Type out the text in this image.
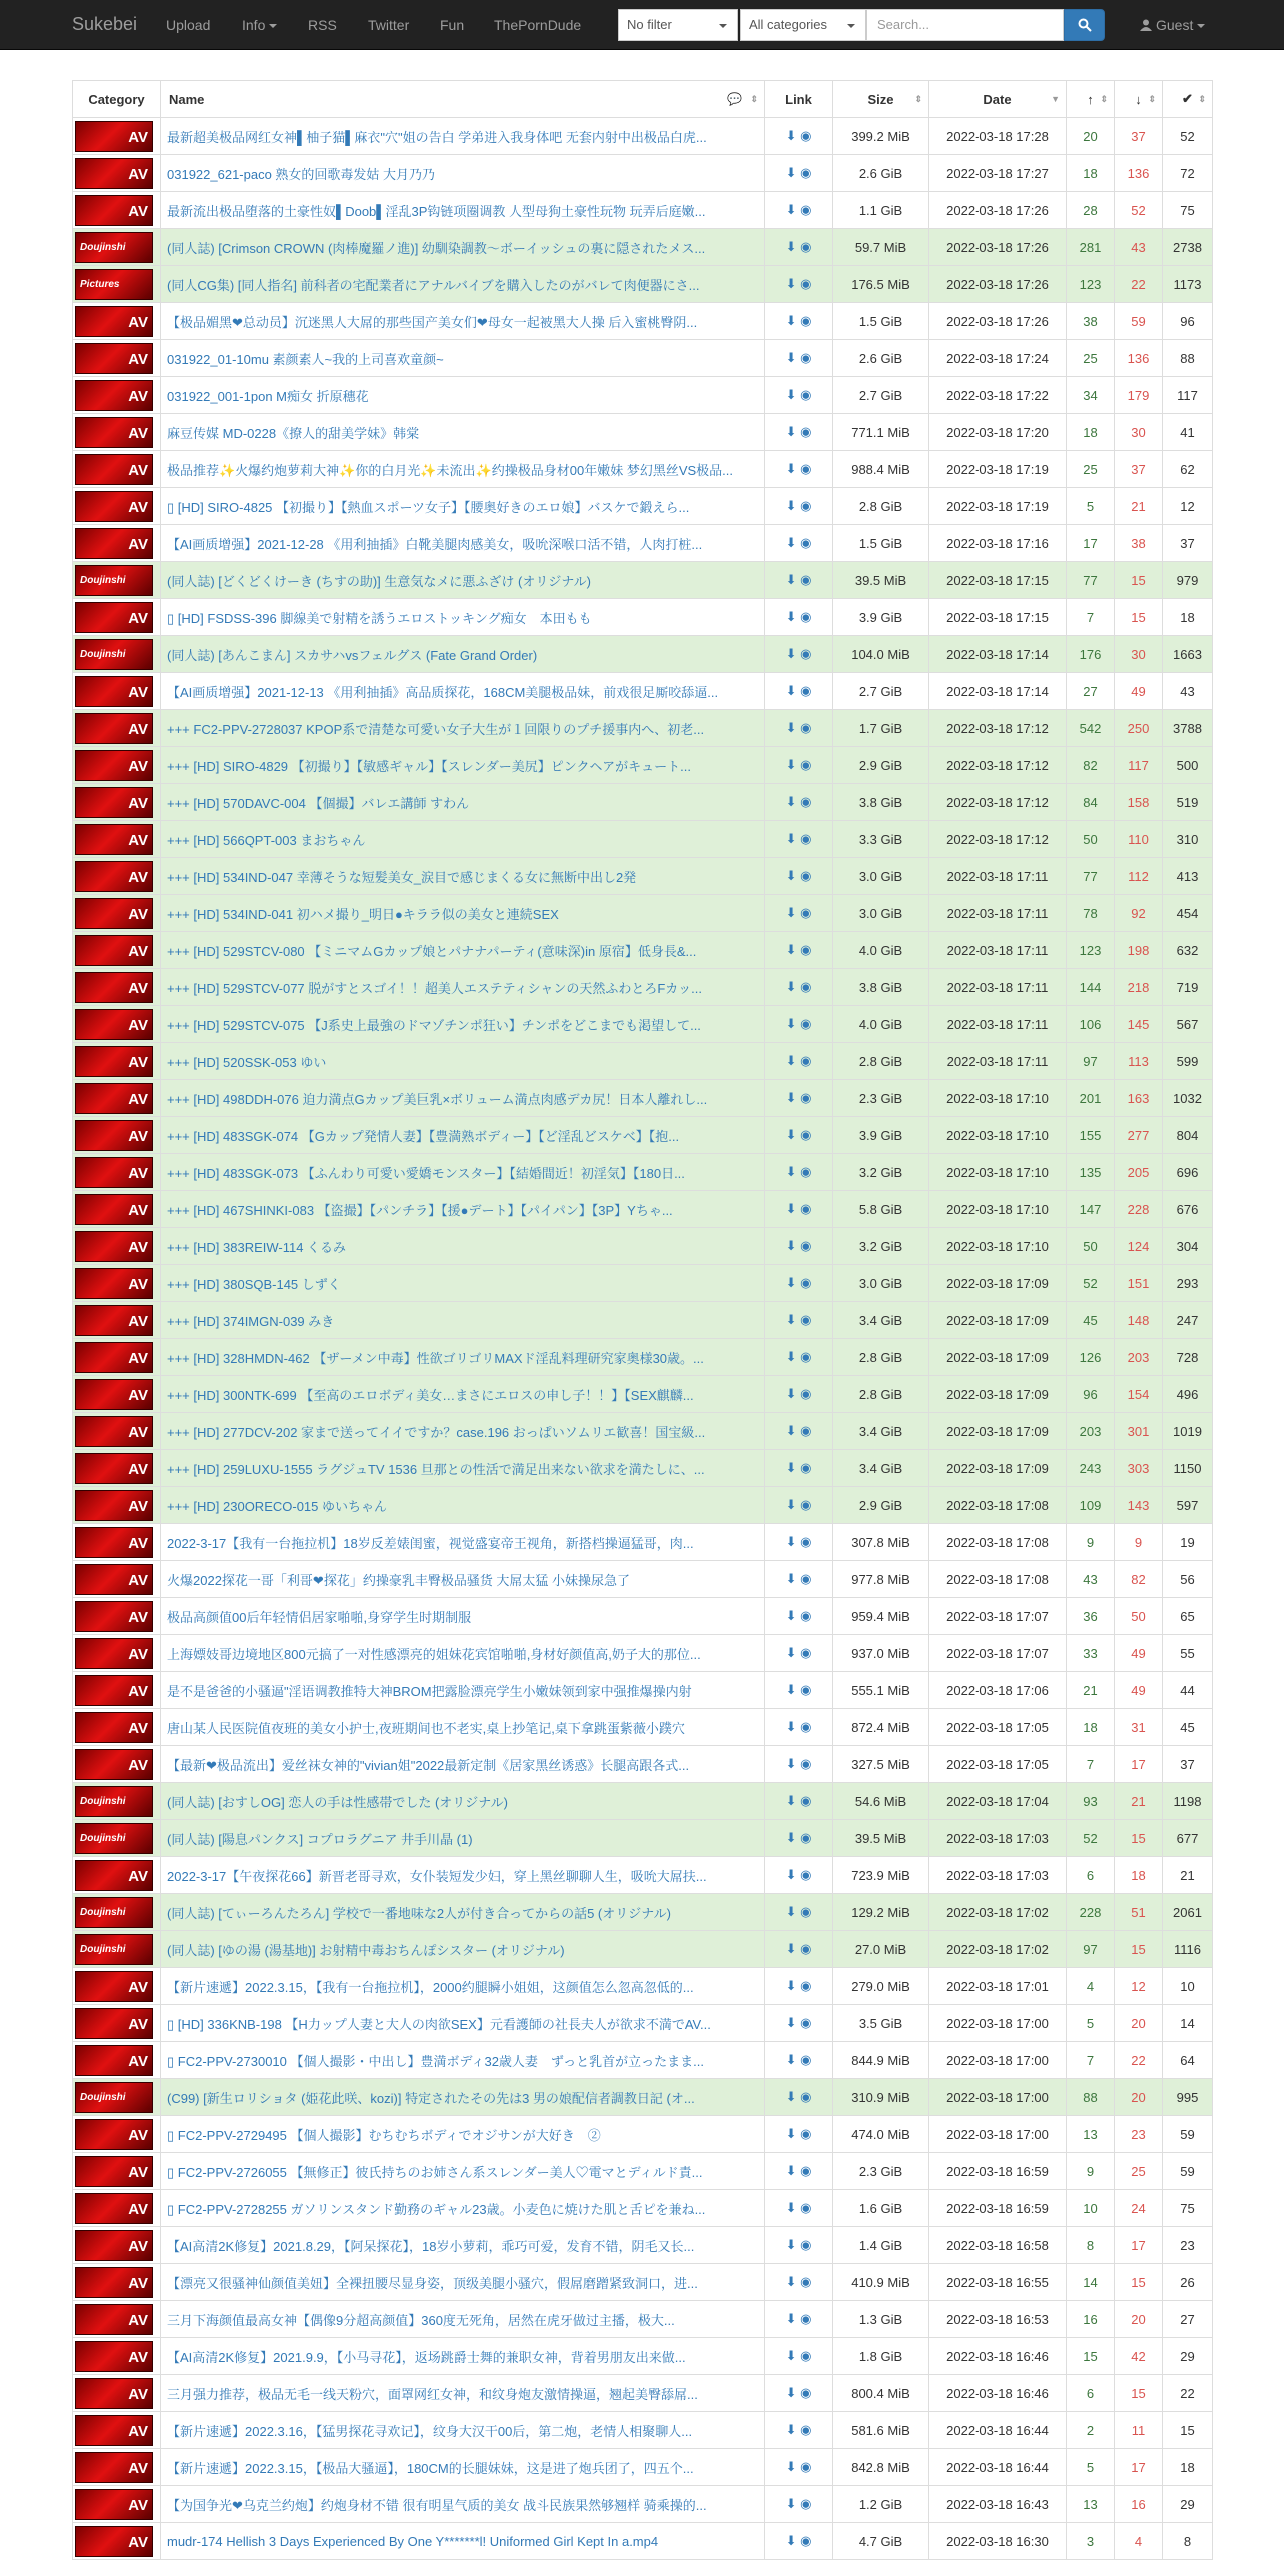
Sukebei Upload Info	RSS Twitter Fun ThePornDude	No filter	All categories	Search...	Guest
Category	Name 💬 ⇕	Link	Size ⇕	Date ▼	↑ ⇕	↓ ⇕	✔ ⇕

AV	最新超美极品网红女神▌柚子猫▌麻衣"穴"姐の告白 学弟进入我身体吧 无套内射中出极品白虎...	⬇ ◉	399.2 MiB	2022-03-18 17:28	20	37	52

AV	031922_621-paco 熟女的回歌毒发姑 大月乃乃	⬇ ◉	2.6 GiB	2022-03-18 17:27	18	136	72

AV	最新流出极品堕落的土豪性奴▌Doob▌淫乱3P钩链项圈调教 人型母狗土豪性玩物 玩弄后庭嫩...	⬇ ◉	1.1 GiB	2022-03-18 17:26	28	52	75

Doujinshi	(同人誌) [Crimson CROWN (肉棒魔羅ノ進)] 幼馴染調教～ボーイッシュの裏に隠されたメス...	⬇ ◉	59.7 MiB	2022-03-18 17:26	281	43	2738

Pictures	(同人CG集) [同人指名] 前科者の宅配業者にアナルバイブを購入したのがバレて肉便器にさ...	⬇ ◉	176.5 MiB	2022-03-18 17:26	123	22	1173

AV	【极品媚黑❤总动员】沉迷黑人大屌的那些国产美女们❤母女一起被黑大人操 后入蜜桃臀阴...	⬇ ◉	1.5 GiB	2022-03-18 17:26	38	59	96

AV	031922_01-10mu 素颜素人~我的上司喜欢童颜~	⬇ ◉	2.6 GiB	2022-03-18 17:24	25	136	88

AV	031922_001-1pon M痴女 折原穗花	⬇ ◉	2.7 GiB	2022-03-18 17:22	34	179	117

AV	麻豆传媒 MD-0228《撩人的甜美学妹》韩棠	⬇ ◉	771.1 MiB	2022-03-18 17:20	18	30	41

AV	极品推荐✨火爆约炮萝莉大神✨你的白月光✨未流出✨约操极品身材00年嫩妹 梦幻黑丝VS极品...	⬇ ◉	988.4 MiB	2022-03-18 17:19	25	37	62

AV	▯ [HD] SIRO-4825 【初撮り】【熱血スポーツ女子】【腰奥好きのエロ娘】バスケで鍛えら...	⬇ ◉	2.8 GiB	2022-03-18 17:19	5	21	12

AV	【AI画质增强】2021-12-28 《用利抽插》白靴美腿肉感美女，吸吮深喉口活不错，人肉打桩...	⬇ ◉	1.5 GiB	2022-03-18 17:16	17	38	37

Doujinshi	(同人誌) [どくどくけーき (ちすの助)] 生意気なメに悪ふざけ (オリジナル)	⬇ ◉	39.5 MiB	2022-03-18 17:15	77	15	979

AV	▯ [HD] FSDSS-396 脚線美で射精を誘うエロストッキング痴女　本田もも	⬇ ◉	3.9 GiB	2022-03-18 17:15	7	15	18

Doujinshi	(同人誌) [あんこまん] スカサハvsフェルグス (Fate Grand Order)	⬇ ◉	104.0 MiB	2022-03-18 17:14	176	30	1663

AV	【AI画质增强】2021-12-13 《用利抽插》高品质探花，168CM美腿极品妹，前戏很足厮咬舔逼...	⬇ ◉	2.7 GiB	2022-03-18 17:14	27	49	43

AV	+++ FC2-PPV-2728037 KPOP系で清楚な可愛い女子大生が１回限りのプチ援事内へ、初老...	⬇ ◉	1.7 GiB	2022-03-18 17:12	542	250	3788

AV	+++ [HD] SIRO-4829 【初撮り】【敏感ギャル】【スレンダー美尻】ピンクヘアがキュート...	⬇ ◉	2.9 GiB	2022-03-18 17:12	82	117	500

AV	+++ [HD] 570DAVC-004 【個撮】バレエ講師 すわん	⬇ ◉	3.8 GiB	2022-03-18 17:12	84	158	519

AV	+++ [HD] 566QPT-003 まおちゃん	⬇ ◉	3.3 GiB	2022-03-18 17:12	50	110	310

AV	+++ [HD] 534IND-047 幸薄そうな短髪美女_涙目で感じまくる女に無断中出し2発	⬇ ◉	3.0 GiB	2022-03-18 17:11	77	112	413

AV	+++ [HD] 534IND-041 初ハメ撮り_明日●キララ似の美女と連続SEX	⬇ ◉	3.0 GiB	2022-03-18 17:11	78	92	454

AV	+++ [HD] 529STCV-080 【ミニマムGカップ娘とパナナパーティ(意味深)in 原宿】低身長&...	⬇ ◉	4.0 GiB	2022-03-18 17:11	123	198	632

AV	+++ [HD] 529STCV-077 脱がすとスゴイ！！超美人エステティシャンの天然ふわとろFカッ...	⬇ ◉	3.8 GiB	2022-03-18 17:11	144	218	719

AV	+++ [HD] 529STCV-075 【J系史上最強のドマゾチンポ狂い】チンポをどこまでも渇望して...	⬇ ◉	4.0 GiB	2022-03-18 17:11	106	145	567

AV	+++ [HD] 520SSK-053 ゆい	⬇ ◉	2.8 GiB	2022-03-18 17:11	97	113	599

AV	+++ [HD] 498DDH-076 迫力満点Gカップ美巨乳×ボリューム満点肉感デカ尻！日本人離れし...	⬇ ◉	2.3 GiB	2022-03-18 17:10	201	163	1032

AV	+++ [HD] 483SGK-074 【Gカップ発情人妻】【豊満熟ボディー】【ど淫乱どスケベ】【抱...	⬇ ◉	3.9 GiB	2022-03-18 17:10	155	277	804

AV	+++ [HD] 483SGK-073 【ふんわり可愛い愛嬌モンスター】【結婚間近！初淫気】【180日...	⬇ ◉	3.2 GiB	2022-03-18 17:10	135	205	696

AV	+++ [HD] 467SHINKI-083 【盗撮】【パンチラ】【援●デート】【パイパン】【3P】Yちゃ...	⬇ ◉	5.8 GiB	2022-03-18 17:10	147	228	676

AV	+++ [HD] 383REIW-114 くるみ	⬇ ◉	3.2 GiB	2022-03-18 17:10	50	124	304

AV	+++ [HD] 380SQB-145 しずく	⬇ ◉	3.0 GiB	2022-03-18 17:09	52	151	293

AV	+++ [HD] 374IMGN-039 みき	⬇ ◉	3.4 GiB	2022-03-18 17:09	45	148	247

AV	+++ [HD] 328HMDN-462 【ザーメン中毒】性欲ゴリゴリMAXド淫乱料理研究家奥様30歳。...	⬇ ◉	2.8 GiB	2022-03-18 17:09	126	203	728

AV	+++ [HD] 300NTK-699 【至高のエロボディ美女…まさにエロスの申し子！！】【SEX麒麟...	⬇ ◉	2.8 GiB	2022-03-18 17:09	96	154	496

AV	+++ [HD] 277DCV-202 家まで送ってイイですか？case.196 おっぱいソムリエ歓喜！国宝級...	⬇ ◉	3.4 GiB	2022-03-18 17:09	203	301	1019

AV	+++ [HD] 259LUXU-1555 ラグジュTV 1536 旦那との性活で満足出来ない欲求を満たしに、...	⬇ ◉	3.4 GiB	2022-03-18 17:09	243	303	1150

AV	+++ [HD] 230ORECO-015 ゆいちゃん	⬇ ◉	2.9 GiB	2022-03-18 17:08	109	143	597

AV	2022-3-17【我有一台拖拉机】18岁反差婊闺蜜，视觉盛宴帝王视角，新搭档操逼猛哥，肉...	⬇ ◉	307.8 MiB	2022-03-18 17:08	9	9	19

AV	火爆2022探花一哥「利哥❤探花」约操豪乳丰臀极品骚货 大屌太猛 小妹操尿急了	⬇ ◉	977.8 MiB	2022-03-18 17:08	43	82	56

AV	极品高颜值00后年轻情侣居家啪啪,身穿学生时期制服	⬇ ◉	959.4 MiB	2022-03-18 17:07	36	50	65

AV	上海嫖妓哥边境地区800元搞了一对性感漂亮的姐妹花宾馆啪啪,身材好颜值高,奶子大的那位...	⬇ ◉	937.0 MiB	2022-03-18 17:07	33	49	55

AV	是不是爸爸的小骚逼"淫语调教推特大神BROM把露脸漂亮学生小嫩妹领到家中强推爆操内射	⬇ ◉	555.1 MiB	2022-03-18 17:06	21	49	44

AV	唐山某人民医院值夜班的美女小护士,夜班期间也不老实,桌上抄笔记,桌下拿跳蛋紫薇小蹼穴	⬇ ◉	872.4 MiB	2022-03-18 17:05	18	31	45

AV	【最新❤极品流出】爱丝袜女神的"vivian姐"2022最新定制《居家黑丝诱惑》长腿高跟各式...	⬇ ◉	327.5 MiB	2022-03-18 17:05	7	17	37

Doujinshi	(同人誌) [おすしOG] 恋人の手は性感帯でした (オリジナル)	⬇ ◉	54.6 MiB	2022-03-18 17:04	93	21	1198

Doujinshi	(同人誌) [陽息パンクス] コプロラグニア 井手川晶 (1)	⬇ ◉	39.5 MiB	2022-03-18 17:03	52	15	677

AV	2022-3-17【午夜探花66】新晋老哥寻欢，女仆装短发少妇，穿上黑丝聊聊人生，吸吮大屌扶...	⬇ ◉	723.9 MiB	2022-03-18 17:03	6	18	21

Doujinshi	(同人誌) [てぃーろんたろん] 学校で一番地味な2人が付き合ってからの話5 (オリジナル)	⬇ ◉	129.2 MiB	2022-03-18 17:02	228	51	2061

Doujinshi	(同人誌) [ゆの湯 (湯基地)] お射精中毒おちんぽシスター (オリジナル)	⬇ ◉	27.0 MiB	2022-03-18 17:02	97	15	1116

AV	【新片速遞】2022.3.15，【我有一台拖拉机】，2000约腿瞬小姐姐，这颜值怎么忽高忽低的...	⬇ ◉	279.0 MiB	2022-03-18 17:01	4	12	10

AV	▯ [HD] 336KNB-198 【H力ップ人妻と大人の肉欲SEX】元看護師の社長夫人が欲求不満でAV...	⬇ ◉	3.5 GiB	2022-03-18 17:00	5	20	14

AV	▯ FC2-PPV-2730010 【個人撮影・中出し】豊満ボディ32歳人妻　ずっと乳首が立ったまま...	⬇ ◉	844.9 MiB	2022-03-18 17:00	7	22	64

Doujinshi	(C99) [新生ロリショタ (姫花此咲、kozi)] 特定されたその先は3 男の娘配信者調教日記 (オ...	⬇ ◉	310.9 MiB	2022-03-18 17:00	88	20	995

AV	▯ FC2-PPV-2729495 【個人撮影】むちむちボディでオジサンが大好き　②	⬇ ◉	474.0 MiB	2022-03-18 17:00	13	23	59

AV	▯ FC2-PPV-2726055 【無修正】彼氏持ちのお姉さん系スレンダー美人♡電マとディルド責...	⬇ ◉	2.3 GiB	2022-03-18 16:59	9	25	59

AV	▯ FC2-PPV-2728255 ガソリンスタンド勤務のギャル23歳。小麦色に焼けた肌と舌ピを兼ね...	⬇ ◉	1.6 GiB	2022-03-18 16:59	10	24	75

AV	【AI高清2K修复】2021.8.29，【阿呆探花】，18岁小萝莉，乖巧可爱，发育不错，阴毛又长...	⬇ ◉	1.4 GiB	2022-03-18 16:58	8	17	23

AV	【漂亮又很骚神仙颜值美妞】全裸扭腰尽显身姿，顶级美腿小骚穴，假屌磨蹭紧致洞口，进...	⬇ ◉	410.9 MiB	2022-03-18 16:55	14	15	26

AV	三月下海颜值最高女神【偶像9分超高颜值】360度无死角，居然在虎牙做过主播，极大...	⬇ ◉	1.3 GiB	2022-03-18 16:53	16	20	27

AV	【AI高清2K修复】2021.9.9，【小马寻花】，返场跳爵士舞的兼职女神，背着男朋友出来做...	⬇ ◉	1.8 GiB	2022-03-18 16:46	15	42	29

AV	三月强力推荐，极品无毛一线天粉穴，面罩网红女神，和纹身炮友激情操逼，翘起美臀舔屌...	⬇ ◉	800.4 MiB	2022-03-18 16:46	6	15	22

AV	【新片速遞】2022.3.16，【猛男探花寻欢记】，纹身大汉干00后，第二炮，老情人相聚聊人...	⬇ ◉	581.6 MiB	2022-03-18 16:44	2	11	15

AV	【新片速遞】2022.3.15，【极品大骚逼】，180CM的长腿妹妹，这是进了炮兵团了，四五个...	⬇ ◉	842.8 MiB	2022-03-18 16:44	5	17	18

AV	【为国争光❤乌克兰约炮】约炮身材不错 很有明星气质的美女 战斗民族果然够翘样 骑乘操的...	⬇ ◉	1.2 GiB	2022-03-18 16:43	13	16	29

AV	mudr-174 Hellish 3 Days Experienced By One Y*******l! Uniformed Girl Kept In a.mp4	⬇ ◉	4.7 GiB	2022-03-18 16:30	3	4	8
